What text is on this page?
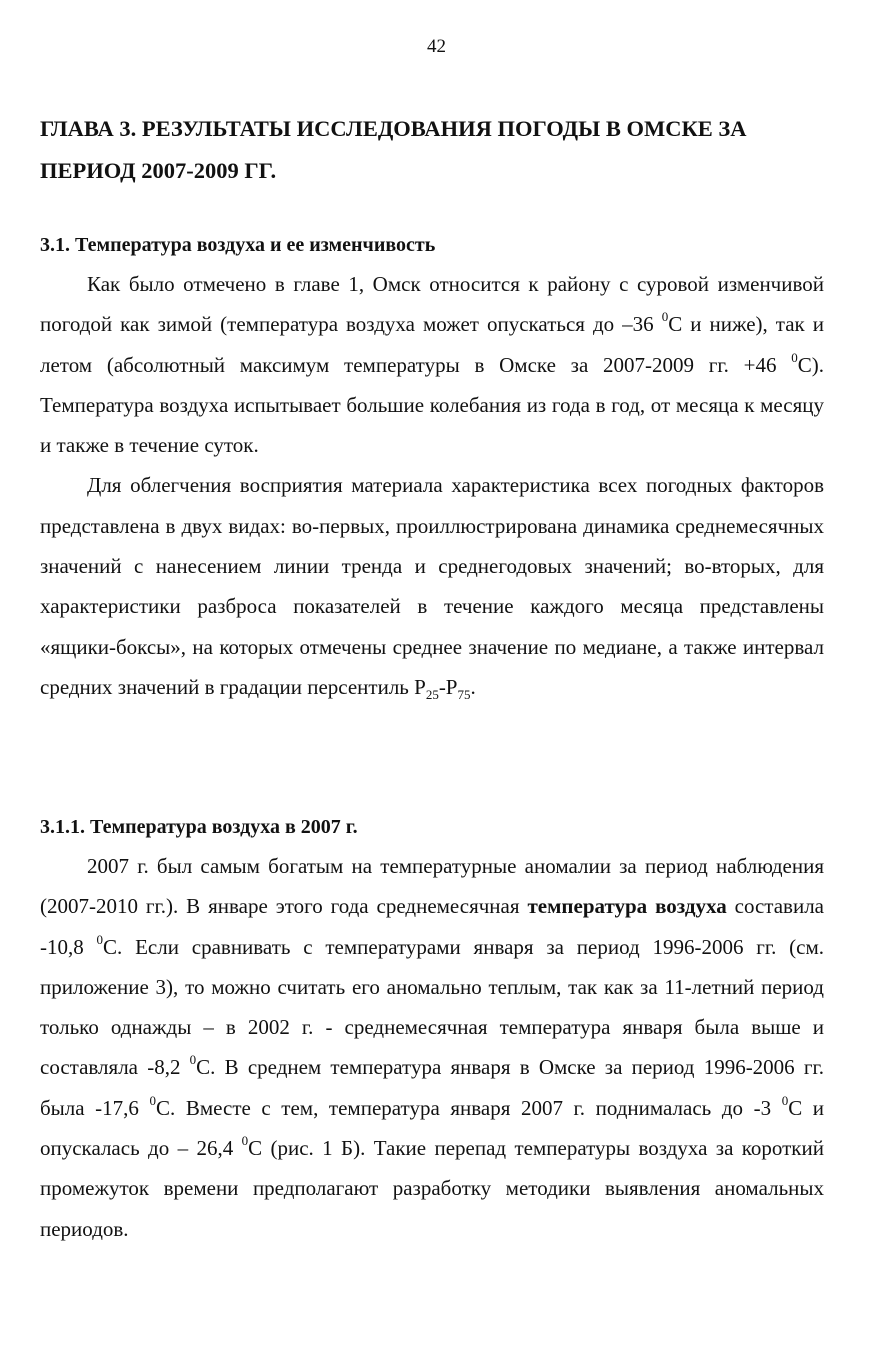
42
ГЛАВА 3. РЕЗУЛЬТАТЫ ИССЛЕДОВАНИЯ ПОГОДЫ В ОМСКЕ ЗА ПЕРИОД 2007-2009 ГГ.
3.1. Температура воздуха и ее изменчивость

Как было отмечено в главе 1, Омск относится к району с суровой изменчивой погодой как зимой (температура воздуха может опускаться до –36 $^0$С и ниже), так и летом (абсолютный максимум температуры в Омске за 2007-2009 гг. +46 $^0$С). Температура воздуха испытывает большие колебания из года в год, от месяца к месяцу и также в течение суток.

Для облегчения восприятия материала характеристика всех погодных факторов представлена в двух видах: во-первых, проиллюстрирована динамика среднемесячных значений с нанесением линии тренда и среднегодовых значений; во-вторых, для характеристики разброса показателей в течение каждого месяца представлены «ящики-боксы», на которых отмечены среднее значение по медиане, а также интервал средних значений в градации персентиль $Р_{25}-Р_{75}$.

3.1.1. Температура воздуха в 2007 г.

2007 г. был самым богатым на температурные аномалии за период наблюдения (2007-2010 гг.). В январе этого года среднемесячная температура воздуха составила -10,8 $^0$С. Если сравнивать с температурами января за период 1996-2006 гг. (см. приложение 3), то можно считать его аномально теплым, так как за 11-летний период только однажды – в 2002 г. - среднемесячная температура января была выше и составляла -8,2 $^0$С. В среднем температура января в Омске за период 1996-2006 гг. была -17,6 $^0$С. Вместе с тем, температура января 2007 г. поднималась до -3 $^0$С и опускалась до – 26,4 $^0$С (рис. 1 Б). Такие перепад температуры воздуха за короткий промежуток времени предполагают разработку методики выявления аномальных периодов.
